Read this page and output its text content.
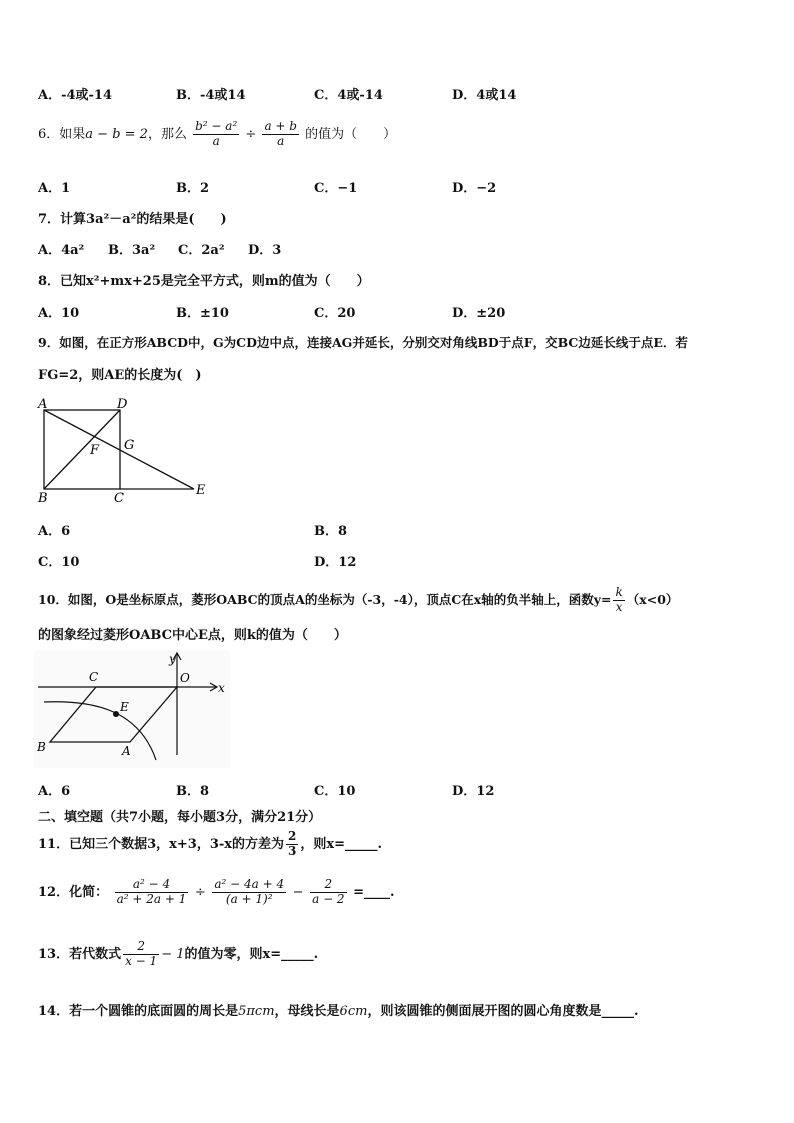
A．-4或-14	B．-4或14	C．4或-14	D．4或14
6．如果a − b = 2，那么 $\frac{\text{b² − a²}}{a} \div \frac{a + b}{a}$ 的值为（　　）
A．1	B．2	C．−1	D．−2
7．计算3a²－a²的结果是(　　)
A．4a² B．3a² C．2a² D．3
8．已知x²+mx+25是完全平方式，则m的值为（　　）
A．10	B．±10	C．20	D．±20
9．如图，在正方形ABCD中，G为CD边中点，连接AG并延长，分别交对角线BD于点F，交BC边延长线于点E．若
FG=2，则AE的长度为(　)
A	D
G
F
B	C
E
A．6	B．8
C．10	D．12
10．如图，O是坐标原点，菱形OABC的顶点A的坐标为（-3，-4），顶点C在x轴的负半轴上，函数$y= \frac{k}{x} (x<0)$
的图象经过菱形OABC中心E点，则k的值为（　　）
y
C	O
x
E
B	A
A．6	B．8	C．10	D．12
二、填空题（共7小题，每小题3分，满分21分）
11．已知三个数据3，x+3，3-x的方差为 $\frac{2}{3}$ ，则x=_____.
12．化简： $\frac{\text{a² − 4}}{\text{a² + 2a + 1}} \div \frac{\text{a² − 4a + 4}}{\text{(a + 1)²}} - \frac{2}{a - 2}$ =____.
13．若代数式 $\frac{2}{x - 1} - 1$的值为零，则x=_____.
14．若一个圆锥的底面圆的周长是5πcm，母线长是6cm，则该圆锥的侧面展开图的圆心角度数是_____.
